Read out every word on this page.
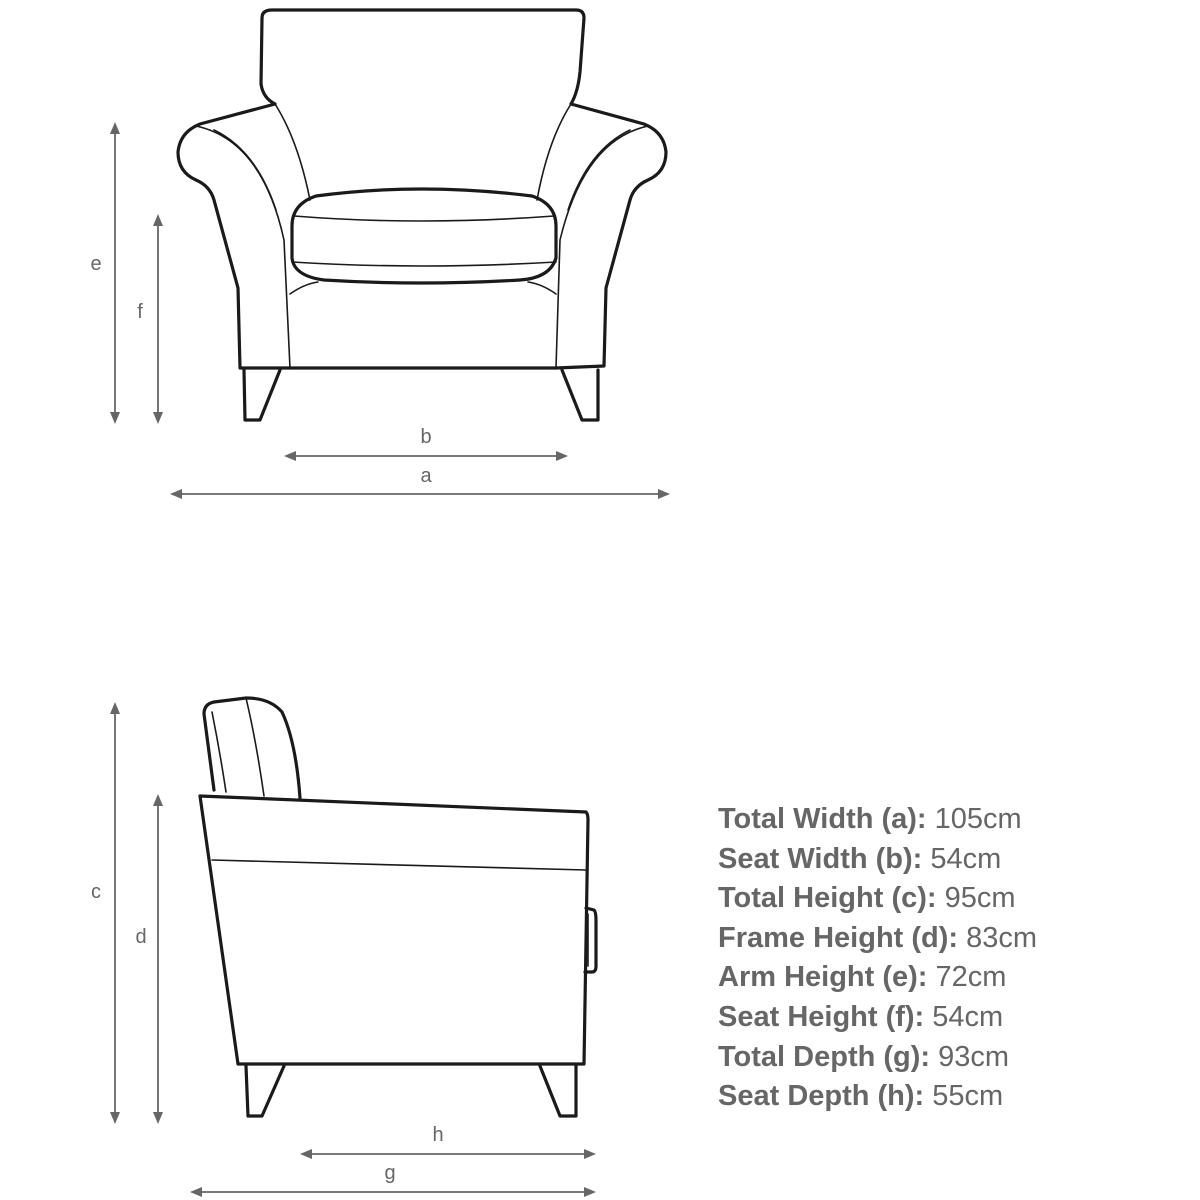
e
f
b
a
c
d
h
g
Total Width (a): 105cm
Seat Width (b): 54cm
Total Height (c): 95cm
Frame Height (d): 83cm
Arm Height (e): 72cm
Seat Height (f): 54cm
Total Depth (g): 93cm
Seat Depth (h): 55cm
